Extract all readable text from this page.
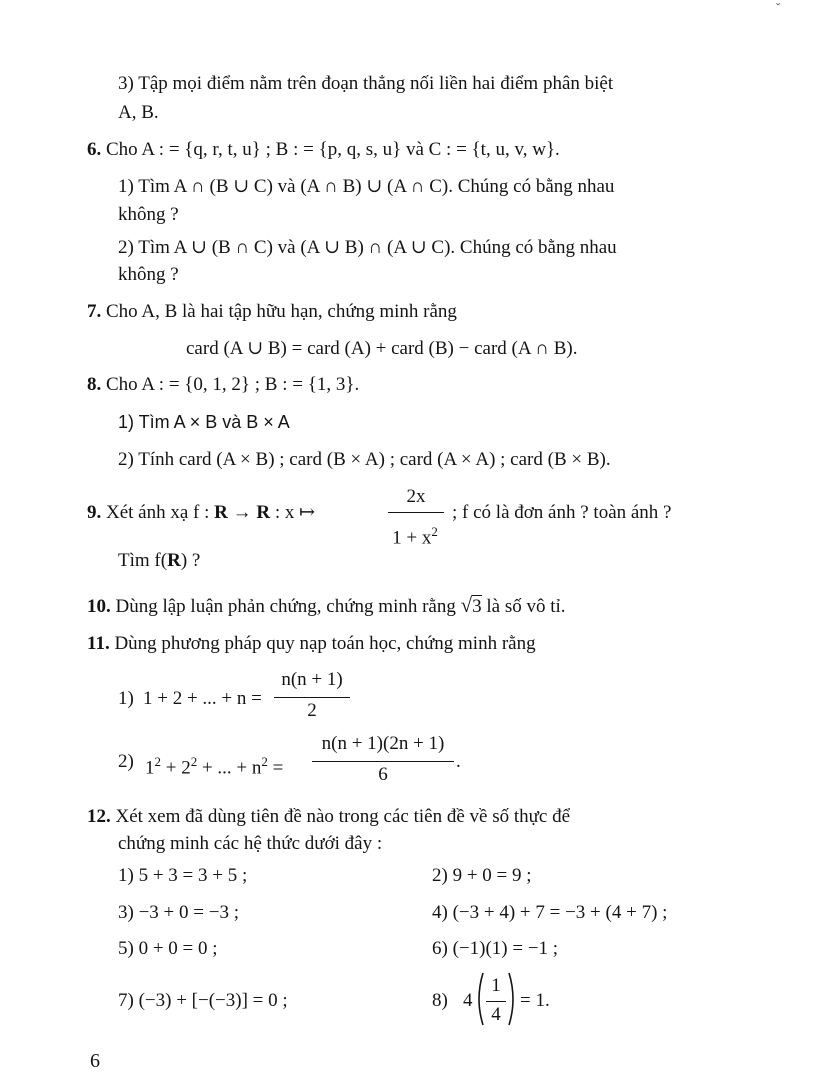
ˇ
3) Tập mọi điểm nằm trên đoạn thẳng nối liền hai điểm phân biệt
A, B.
6. Cho A : = {q, r, t, u} ; B : = {p, q, s, u} và C : = {t, u, v, w}.
1) Tìm A ∩ (B ∪ C) và (A ∩ B) ∪ (A ∩ C). Chúng có bằng nhau
không ?
2) Tìm A ∪ (B ∩ C) và (A ∪ B) ∩ (A ∪ C). Chúng có bằng nhau
không ?
7. Cho A, B là hai tập hữu hạn, chứng minh rằng
card (A ∪ B) = card (A) + card (B) − card (A ∩ B).
8. Cho A : = {0, 1, 2} ; B : = {1, 3}.
1) Tìm A × B và B × A
2) Tính card (A × B) ; card (B × A) ; card (A × A) ; card (B × B).
9. Xét ánh xạ f : R → R : x ↦
2x
$1 + x^2$
; f có là đơn ánh ? toàn ánh ?
Tìm f(R) ?
10. Dùng lập luận phản chứng, chứng minh rằng √3 là số vô tỉ.
11. Dùng phương pháp quy nạp toán học, chứng minh rằng
1) 1 + 2 + ... + n =
n(n + 1)
2
2) $1^2 + 2^2$ + ... + $n^2$ =
n(n + 1)(2n + 1)
6
.
12. Xét xem đã dùng tiên đề nào trong các tiên đề về số thực để
chứng minh các hệ thức dưới đây :
1) 5 + 3 = 3 + 5 ;	2) 9 + 0 = 9 ;
3) −3 + 0 = −3 ;	4) (−3 + 4) + 7 = −3 + (4 + 7) ;
5) 0 + 0 = 0 ;	6) (−1)(1) = −1 ;
7) (−3) + [−(−3)] = 0 ;	8) 4
1
4
= 1.
6
